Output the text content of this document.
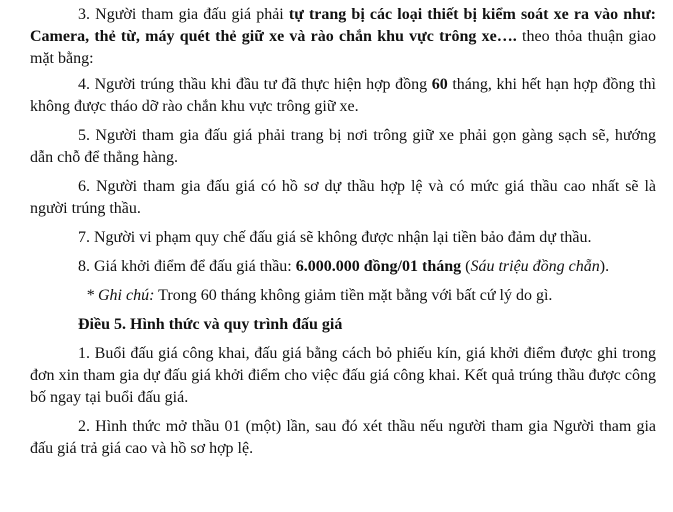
3. Người tham gia đấu giá phải tự trang bị các loại thiết bị kiểm soát xe ra vào như: Camera, thẻ từ, máy quét thẻ giữ xe và rào chắn khu vực trông xe…. theo thỏa thuận giao mặt bằng:

4. Người trúng thầu khi đầu tư đã thực hiện hợp đồng 60 tháng, khi hết hạn hợp đồng thì không được tháo dỡ rào chắn khu vực trông giữ xe.

5. Người tham gia đấu giá phải trang bị nơi trông giữ xe phải gọn gàng sạch sẽ, hướng dẫn chỗ để thẳng hàng.

6. Người tham gia đấu giá có hồ sơ dự thầu hợp lệ và có mức giá thầu cao nhất sẽ là người trúng thầu.

7. Người vi phạm quy chế đấu giá sẽ không được nhận lại tiền bảo đảm dự thầu.

8. Giá khởi điểm để đấu giá thầu: 6.000.000 đồng/01 tháng (Sáu triệu đồng chẵn).

* Ghi chú: Trong 60 tháng không giảm tiền mặt bằng với bất cứ lý do gì.

Điều 5. Hình thức và quy trình đấu giá

1. Buổi đấu giá công khai, đấu giá bằng cách bỏ phiếu kín, giá khởi điểm được ghi trong đơn xin tham gia dự đấu giá khởi điểm cho việc đấu giá công khai. Kết quả trúng thầu được công bố ngay tại buổi đấu giá.

2. Hình thức mở thầu 01 (một) lần, sau đó xét thầu nếu người tham gia Người tham gia đấu giá trả giá cao và hồ sơ hợp lệ.
